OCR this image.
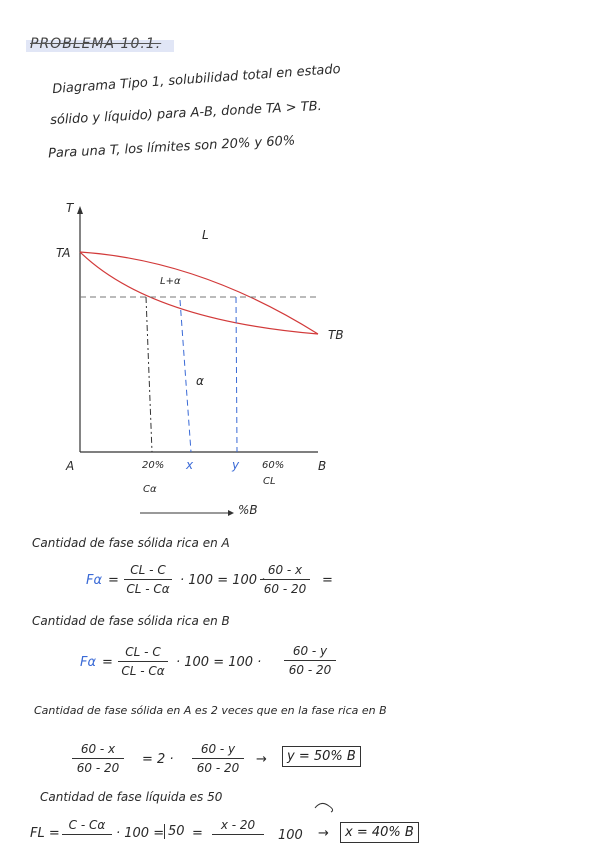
PROBLEMA 10.1.
Diagrama Tipo 1, solubilidad total en estado
sólido y líquido) para A-B, donde TA > TB.
Para una T, los límites son 20% y 60%
T
TA
TB
L
L+α
α
A	B
20% x	y 60%
Cα
CL
%B
Cantidad de fase sólida rica en A
Fα =
CL - C
CL - Cα
· 100 = 100 ·
60 - x
60 - 20
=
Cantidad de fase sólida rica en B
Fα =
CL - C
CL - Cα
· 100 = 100 ·
60 - y
60 - 20
Cantidad de fase sólida en A es 2 veces que en la fase rica en B
60 - x
60 - 20
= 2 ·
60 - y
60 - 20
→	y = 50% B
Cantidad de fase líquida es 50
FL =
C - Cα
· 100 = 50 =
x - 20
100 →	x = 40% B
